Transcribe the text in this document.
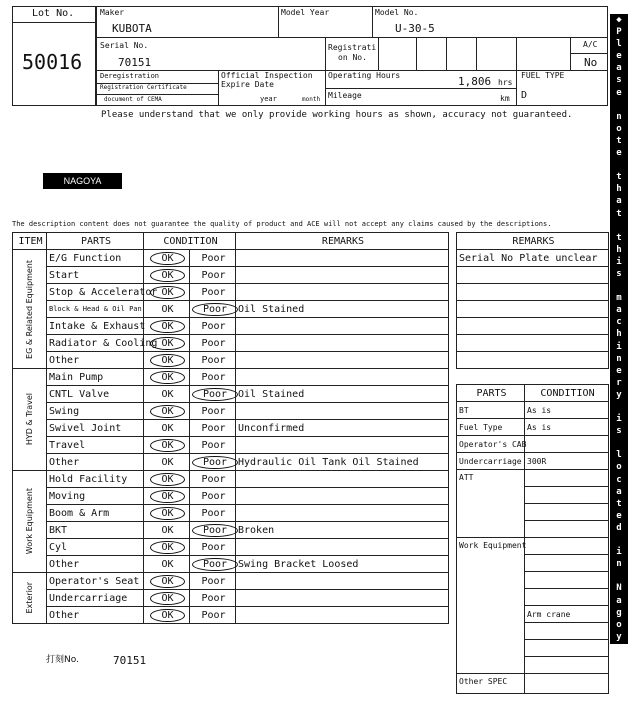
Lot No.
50016
Maker
KUBOTA
Model Year	Model No.
U-30-5
Serial No.
70151
Registrati
on No.
A/C
No
Deregistration
Registration Certificate
document of CEMA
Official Inspection
Expire Date
year	month
Operating Hours	1,806 hrs
Mileage	km
FUEL TYPE
D
Please understand that we only provide working hours as shown, accuracy not guaranteed.
NAGOYA
The description content does not guarantee the quality of product and ACE will not accept any claims caused by the descriptions.
ITEM	PARTS	CONDITION		REMARKS

EG & Related Equipment	E/G Function	OK	Poor	
	Start	OK	Poor	
	Stop & Accelerator	OK	Poor	
	Block & Head & Oil Pan	OK	Poor	Oil Stained
	Intake & Exhaust	OK	Poor	
	Radiator & Cooling	OK	Poor	
	Other	OK	Poor	

HYD & Travel	Main Pump	OK	Poor	
	CNTL Valve	OK	Poor	Oil Stained
	Swing	OK	Poor	
	Swivel Joint	OK	Poor	Unconfirmed
	Travel	OK	Poor	
	Other	OK	Poor	Hydraulic Oil Tank Oil Stained

Work Equipment	Hold Facility	OK	Poor	
	Moving	OK	Poor	
	Boom & Arm	OK	Poor	
	BKT	OK	Poor	Broken
	Cyl	OK	Poor	
	Other	OK	Poor	Swing Bracket Loosed

Exterior	Operator's Seat	OK	Poor	
	Undercarriage	OK	Poor	
	Other	OK	Poor	
REMARKS
Serial No Plate unclear

PARTS	CONDITION
BT	As is
Fuel Type	As is
Operator's CAB	
Undercarriage	300R
ATT	

Work Equipment	

	Arm crane

Other SPEC	
◆
P
l
e
a
s
e

n
o
t
e

t
h
a
t

t
h
i
s

m
a
c
h
i
n
e
r
y

i
s

l
o
c
a
t
e
d

i
n

N
a
g
o
y
a

Y
a
r
d
◆
打刻No.	70151
